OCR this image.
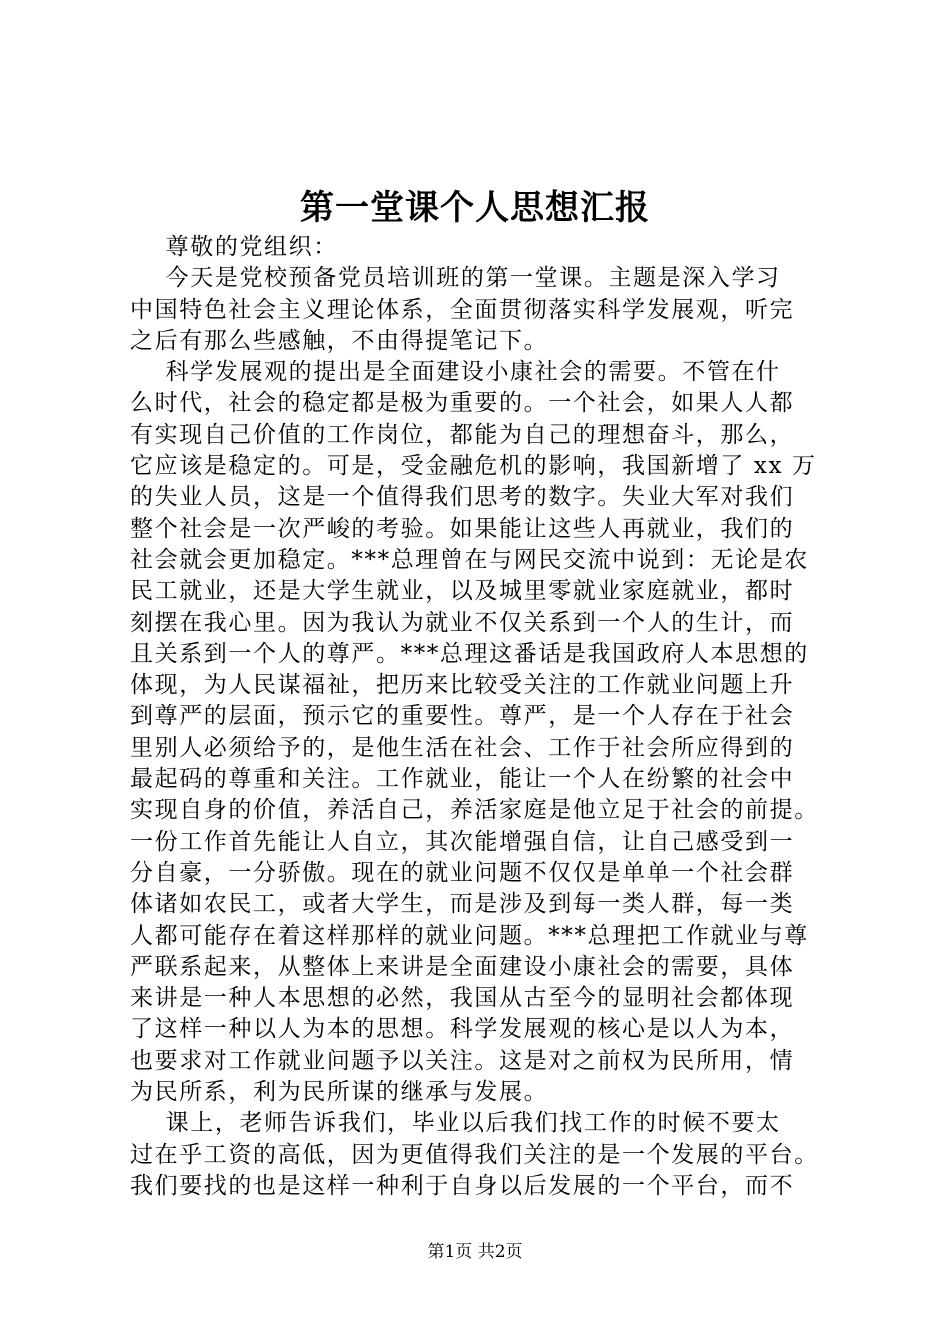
第一堂课个人思想汇报
尊敬的党组织：
今天是党校预备党员培训班的第一堂课。主题是深入学习
中国特色社会主义理论体系，全面贯彻落实科学发展观，听完
之后有那么些感触，不由得提笔记下。
科学发展观的提出是全面建设小康社会的需要。不管在什
么时代，社会的稳定都是极为重要的。一个社会，如果人人都
有实现自己价值的工作岗位，都能为自己的理想奋斗，那么，
它应该是稳定的。可是，受金融危机的影响，我国新增了 xx 万
的失业人员，这是一个值得我们思考的数字。失业大军对我们
整个社会是一次严峻的考验。如果能让这些人再就业，我们的
社会就会更加稳定。***总理曾在与网民交流中说到：无论是农
民工就业，还是大学生就业，以及城里零就业家庭就业，都时
刻摆在我心里。因为我认为就业不仅关系到一个人的生计，而
且关系到一个人的尊严。***总理这番话是我国政府人本思想的
体现，为人民谋福祉，把历来比较受关注的工作就业问题上升
到尊严的层面，预示它的重要性。尊严，是一个人存在于社会
里别人必须给予的，是他生活在社会、工作于社会所应得到的
最起码的尊重和关注。工作就业，能让一个人在纷繁的社会中
实现自身的价值，养活自己，养活家庭是他立足于社会的前提。
一份工作首先能让人自立，其次能增强自信，让自己感受到一
分自豪，一分骄傲。现在的就业问题不仅仅是单单一个社会群
体诸如农民工，或者大学生，而是涉及到每一类人群，每一类
人都可能存在着这样那样的就业问题。***总理把工作就业与尊
严联系起来，从整体上来讲是全面建设小康社会的需要，具体
来讲是一种人本思想的必然，我国从古至今的显明社会都体现
了这样一种以人为本的思想。科学发展观的核心是以人为本，
也要求对工作就业问题予以关注。这是对之前权为民所用，情
为民所系，利为民所谋的继承与发展。
课上，老师告诉我们，毕业以后我们找工作的时候不要太
过在乎工资的高低，因为更值得我们关注的是一个发展的平台。
我们要找的也是这样一种利于自身以后发展的一个平台，而不
第1页 共2页
